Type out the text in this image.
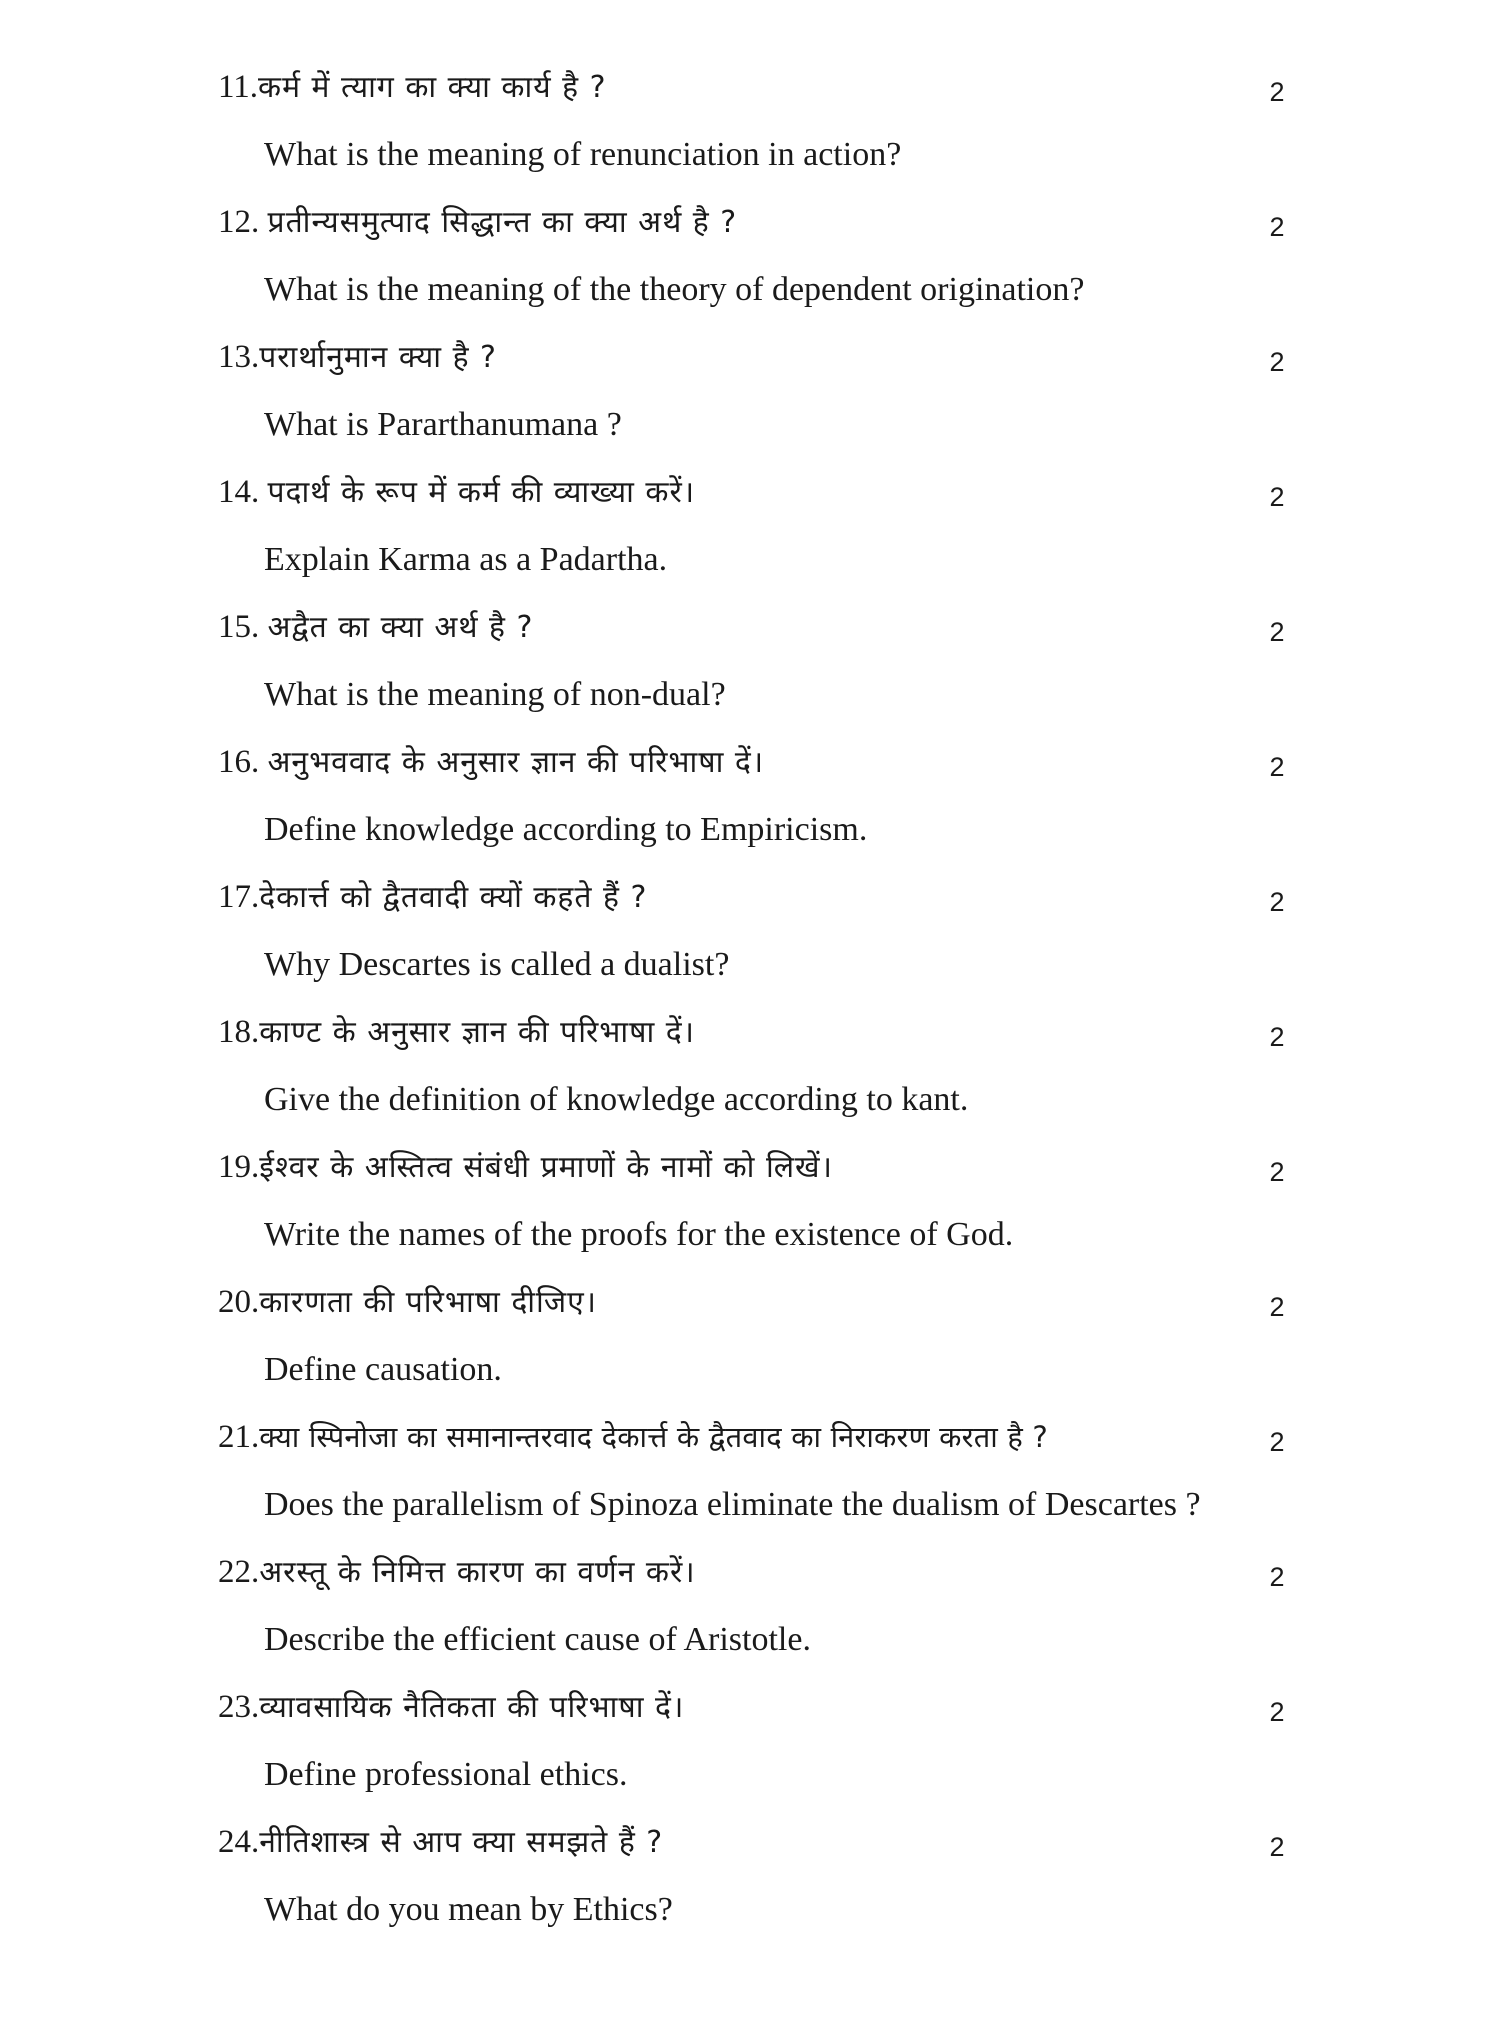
11.कर्म में त्याग का क्या कार्य है ?	2
What is the meaning of renunciation in action?
12. प्रतीन्यसमुत्पाद सिद्धान्त का क्या अर्थ है ?	2
What is the meaning of the theory of dependent origination?
13.परार्थानुमान क्या है ?	2
What is Pararthanumana ?
14. पदार्थ के रूप में कर्म की व्याख्या करें।	2
Explain Karma as a Padartha.
15. अद्वैत का क्या अर्थ है ?	2
What is the meaning of non-dual?
16. अनुभववाद के अनुसार ज्ञान की परिभाषा दें।	2
Define knowledge according to Empiricism.
17.देकार्त्त को द्वैतवादी क्यों कहते हैं ?	2
Why Descartes is called a dualist?
18.काण्ट के अनुसार ज्ञान की परिभाषा दें।	2
Give the definition of knowledge according to kant.
19.ईश्वर के अस्तित्व संबंधी प्रमाणों के नामों को लिखें।	2
Write the names of the proofs for the existence of God.
20.कारणता की परिभाषा दीजिए।	2
Define causation.
21.क्या स्पिनोजा का समानान्तरवाद देकार्त्त के द्वैतवाद का निराकरण करता है ?	2
Does the parallelism of Spinoza eliminate the dualism of Descartes ?
22.अरस्तू के निमित्त कारण का वर्णन करें।	2
Describe the efficient cause of Aristotle.
23.व्यावसायिक नैतिकता की परिभाषा दें।	2
Define professional ethics.
24.नीतिशास्त्र से आप क्या समझते हैं ?	2
What do you mean by Ethics?
